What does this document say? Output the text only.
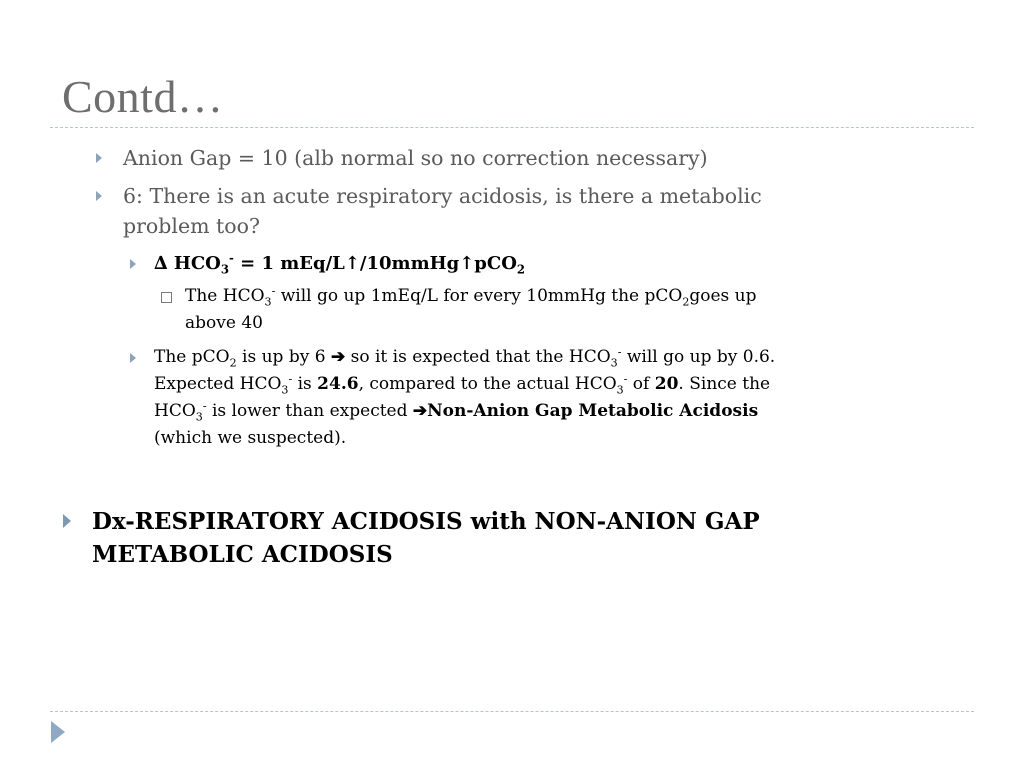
Contd…
Anion Gap = 10 (alb normal so no correction necessary)
6: There is an acute respiratory acidosis, is there a metabolic
problem too?
∆ $HCO_3^- = 1$ mEq/L↑/10mmHg↑pCO$_2$
The $HCO_3^-$ will go up 1mEq/L for every 10mmHg the pCO$_2$goes up
above 40
The pCO$_2$ is up by 6 ➔ so it is expected that the $HCO_3^-$ will go up by 0.6.
Expected $HCO_3^-$ is 24.6, compared to the actual $HCO_3^-$ of 20. Since the
$HCO_3^-$ is lower than expected ➔Non-Anion Gap Metabolic Acidosis
(which we suspected).
Dx-RESPIRATORY ACIDOSIS with NON-ANION GAP
METABOLIC ACIDOSIS
